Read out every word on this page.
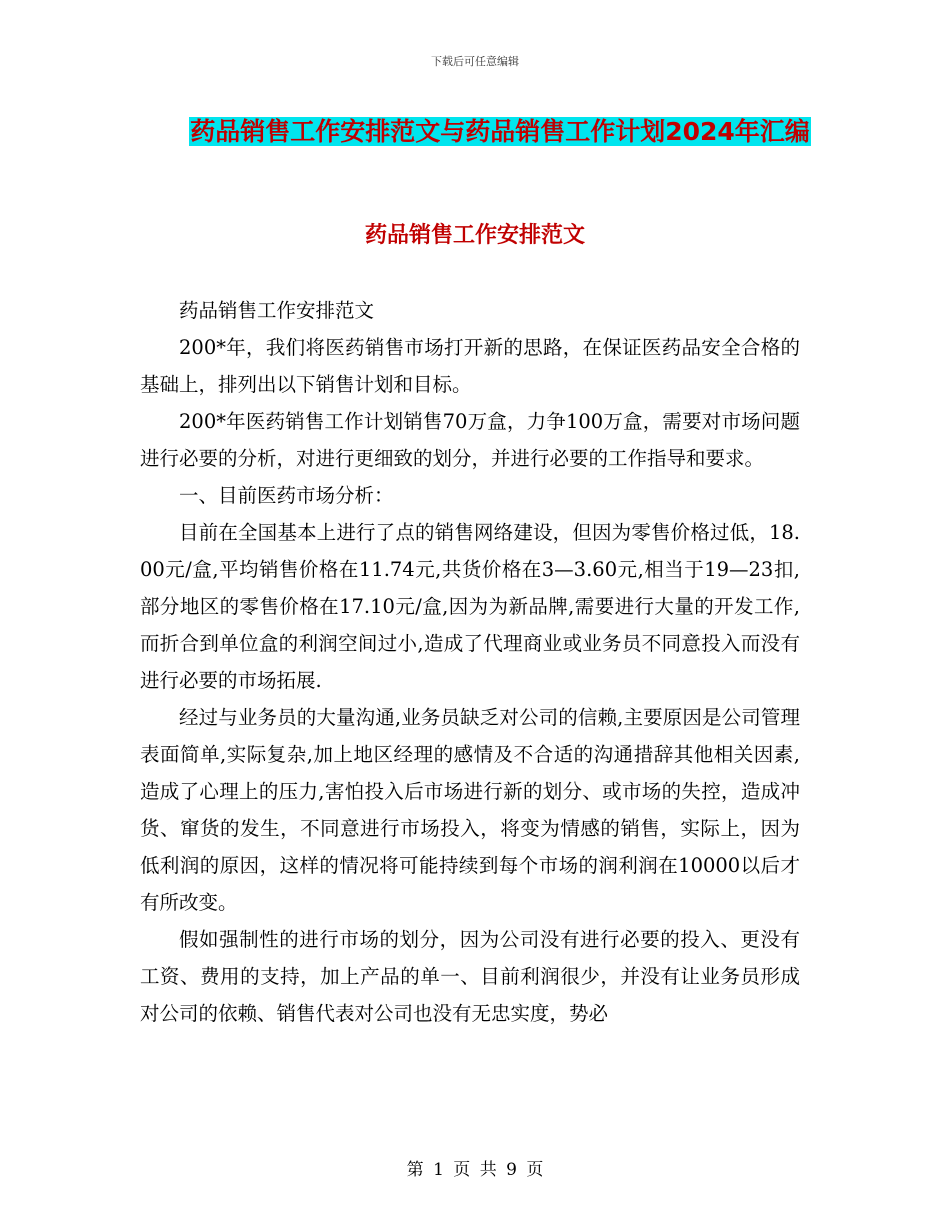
下载后可任意编辑
药品销售工作安排范文与药品销售工作计划2024年汇编
药品销售工作安排范文

药品销售工作安排范文

200*年，我们将医药销售市场打开新的思路，在保证医药品安全合格的基础上，排列出以下销售计划和目标。

200*年医药销售工作计划销售70万盒，力争100万盒，需要对市场问题进行必要的分析，对进行更细致的划分，并进行必要的工作指导和要求。

一、目前医药市场分析：

目前在全国基本上进行了点的销售网络建设，但因为零售价格过低，18.00元/盒,平均销售价格在11.74元,共货价格在3—3.60元,相当于19—23扣,部分地区的零售价格在17.10元/盒,因为为新品牌,需要进行大量的开发工作,而折合到单位盒的利润空间过小,造成了代理商业或业务员不同意投入而没有进行必要的市场拓展.

经过与业务员的大量沟通,业务员缺乏对公司的信赖,主要原因是公司管理表面简单,实际复杂,加上地区经理的感情及不合适的沟通措辞其他相关因素,造成了心理上的压力,害怕投入后市场进行新的划分、或市场的失控，造成冲货、窜货的发生，不同意进行市场投入，将变为情感的销售，实际上，因为低利润的原因，这样的情况将可能持续到每个市场的润利润在10000以后才有所改变。

假如强制性的进行市场的划分，因为公司没有进行必要的投入、更没有工资、费用的支持，加上产品的单一、目前利润很少，并没有让业务员形成对公司的依赖、销售代表对公司也没有无忠实度，势必

第 1 页 共 9 页
